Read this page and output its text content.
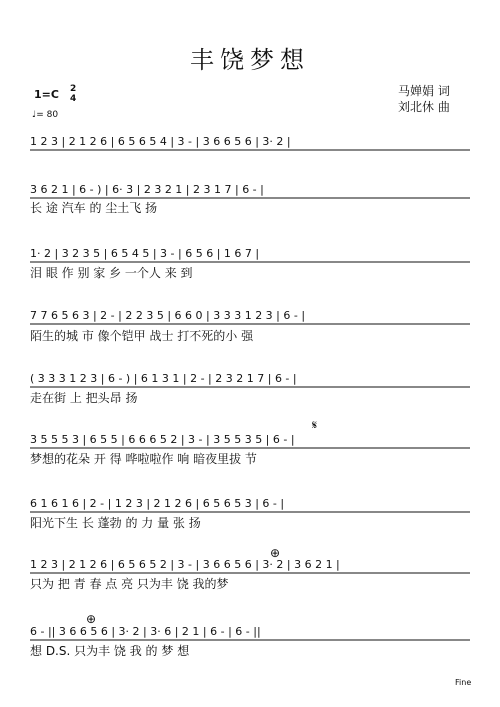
丰饶梦想
马婵娟 词
刘北休 曲
1=C 2
4
♩= 80
1 2 3 | 2 1 2 6 | 6 5 6 5 4 | 3 - | 3 6 6 5 6 | 3· 2 |
3 6 2 1 | 6 - ) | 6· 3 | 2 3 2 1 | 2 3 1 7 | 6 - |
长 途 汽车 的 尘土飞 扬
1· 2 | 3 2 3 5 | 6 5 4 5 | 3 - | 6 5 6 | 1 6 7 |
泪 眼 作 别 家 乡 一个人 来 到
7 7 6 5 6 3 | 2 - | 2 2 3 5 | 6 6 0 | 3 3 3 1 2 3 | 6 - |
陌生的城 市 像个铠甲 战士 打不死的小 强
( 3 3 3 1 2 3 | 6 - ) | 6 1 3 1 | 2 - | 2 3 2 1 7 | 6 - |
走在街 上 把头昂 扬
3 5 5 5 3 | 6 5 5 | 6 6 6 5 2 | 3 - | 3 5 5 3 5 | 6 - |
梦想的花朵 开 得 哗啦啦作 响 暗夜里拔 节
6 1 6 1 6 | 2 - | 1 2 3 | 2 1 2 6 | 6 5 6 5 3 | 6 - |
阳光下生 长 蓬勃 的 力 量 张 扬
1 2 3 | 2 1 2 6 | 6 5 6 5 2 | 3 - | 3 6 6 5 6 | 3· 2 | 3 6 2 1 |
只为 把 青 春 点 亮 只为丰 饶 我的梦
6 - || 3 6 6 5 6 | 3· 2 | 3· 6 | 2 1 | 6 - | 6 - ||
想 D.S. 只为丰 饶 我 的 梦 想
𝄋
⊕
⊕
Fine
